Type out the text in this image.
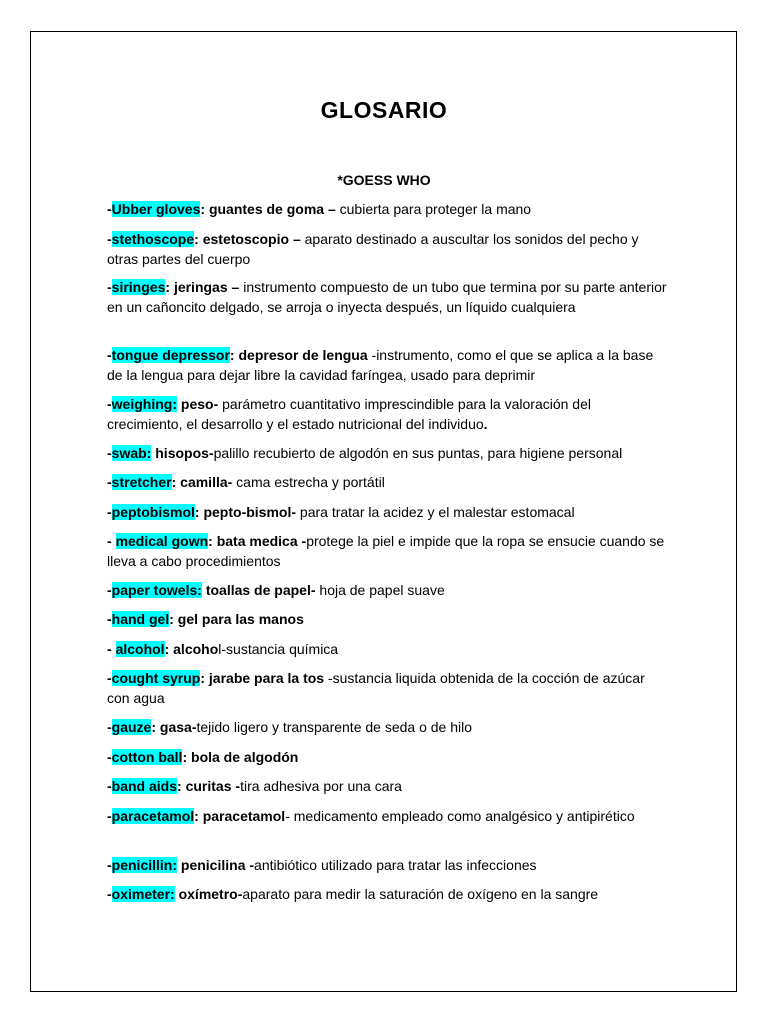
GLOSARIO
*GOESS WHO

-Ubber gloves: guantes de goma – cubierta para proteger la mano

-stethoscope: estetoscopio – aparato destinado a auscultar los sonidos del pecho y otras partes del cuerpo

-siringes: jeringas – instrumento compuesto de un tubo que termina por su parte anterior en un cañoncito delgado, se arroja o inyecta después, un líquido cualquiera

-tongue depressor: depresor de lengua -instrumento, como el que se aplica a la base de la lengua para dejar libre la cavidad faríngea, usado para deprimir

-weighing: peso- parámetro cuantitativo imprescindible para la valoración del crecimiento, el desarrollo y el estado nutricional del individuo.

-swab: hisopos-palillo recubierto de algodón en sus puntas, para higiene personal

-stretcher: camilla- cama estrecha y portátil

-peptobismol: pepto-bismol- para tratar la acidez y el malestar estomacal

- medical gown: bata medica -protege la piel e impide que la ropa se ensucie cuando se lleva a cabo procedimientos

-paper towels: toallas de papel- hoja de papel suave

-hand gel: gel para las manos

- alcohol: alcohol-sustancia química

-cought syrup: jarabe para la tos -sustancia liquida obtenida de la cocción de azúcar con agua

-gauze: gasa-tejido ligero y transparente de seda o de hilo

-cotton ball: bola de algodón

-band aids: curitas -tira adhesiva por una cara

-paracetamol: paracetamol- medicamento empleado como analgésico y antipirético

-penicillin: penicilina -antibiótico utilizado para tratar las infecciones

-oximeter: oxímetro-aparato para medir la saturación de oxígeno en la sangre
